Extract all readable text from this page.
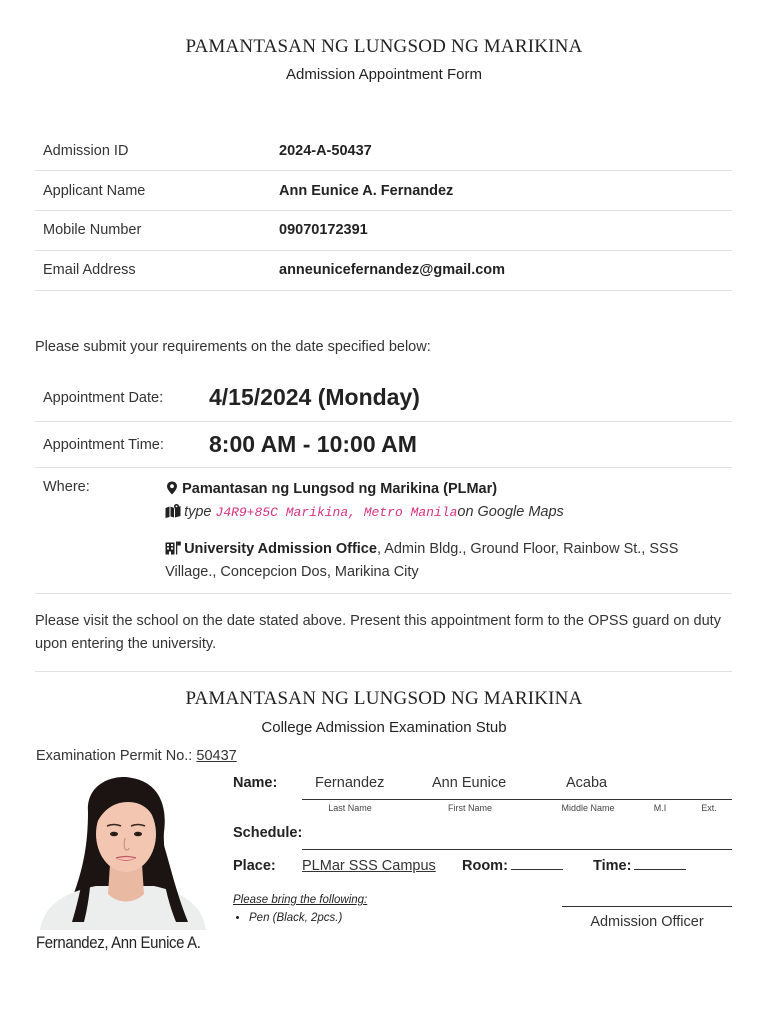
PAMANTASAN NG LUNGSOD NG MARIKINA
Admission Appointment Form
Admission ID	2024-A-50437
Applicant Name	Ann Eunice A. Fernandez
Mobile Number	09070172391
Email Address	anneunicefernandez@gmail.com
Please submit your requirements on the date specified below:
Appointment Date:	4/15/2024 (Monday)
Appointment Time:	8:00 AM - 10:00 AM
Where:	Pamantasan ng Lungsod ng Marikina (PLMar)
type J4R9+85C Marikina, Metro Manilaon Google Maps
University Admission Office, Admin Bldg., Ground Floor, Rainbow St., SSS Village., Concepcion Dos, Marikina City
Please visit the school on the date stated above. Present this appointment form to the OPSS guard on duty upon entering the university.
PAMANTASAN NG LUNGSOD NG MARIKINA
College Admission Examination Stub
Examination Permit No.: 50437
Fernandez, Ann Eunice A.
Name:	Fernandez	Ann Eunice	Acaba
Last Name	First Name	Middle Name	M.I	Ext.
Schedule:
Place: PLMar SSS Campus Room:	Time:
Please bring the following:
• Pen (Black, 2pcs.)	Admission Officer
